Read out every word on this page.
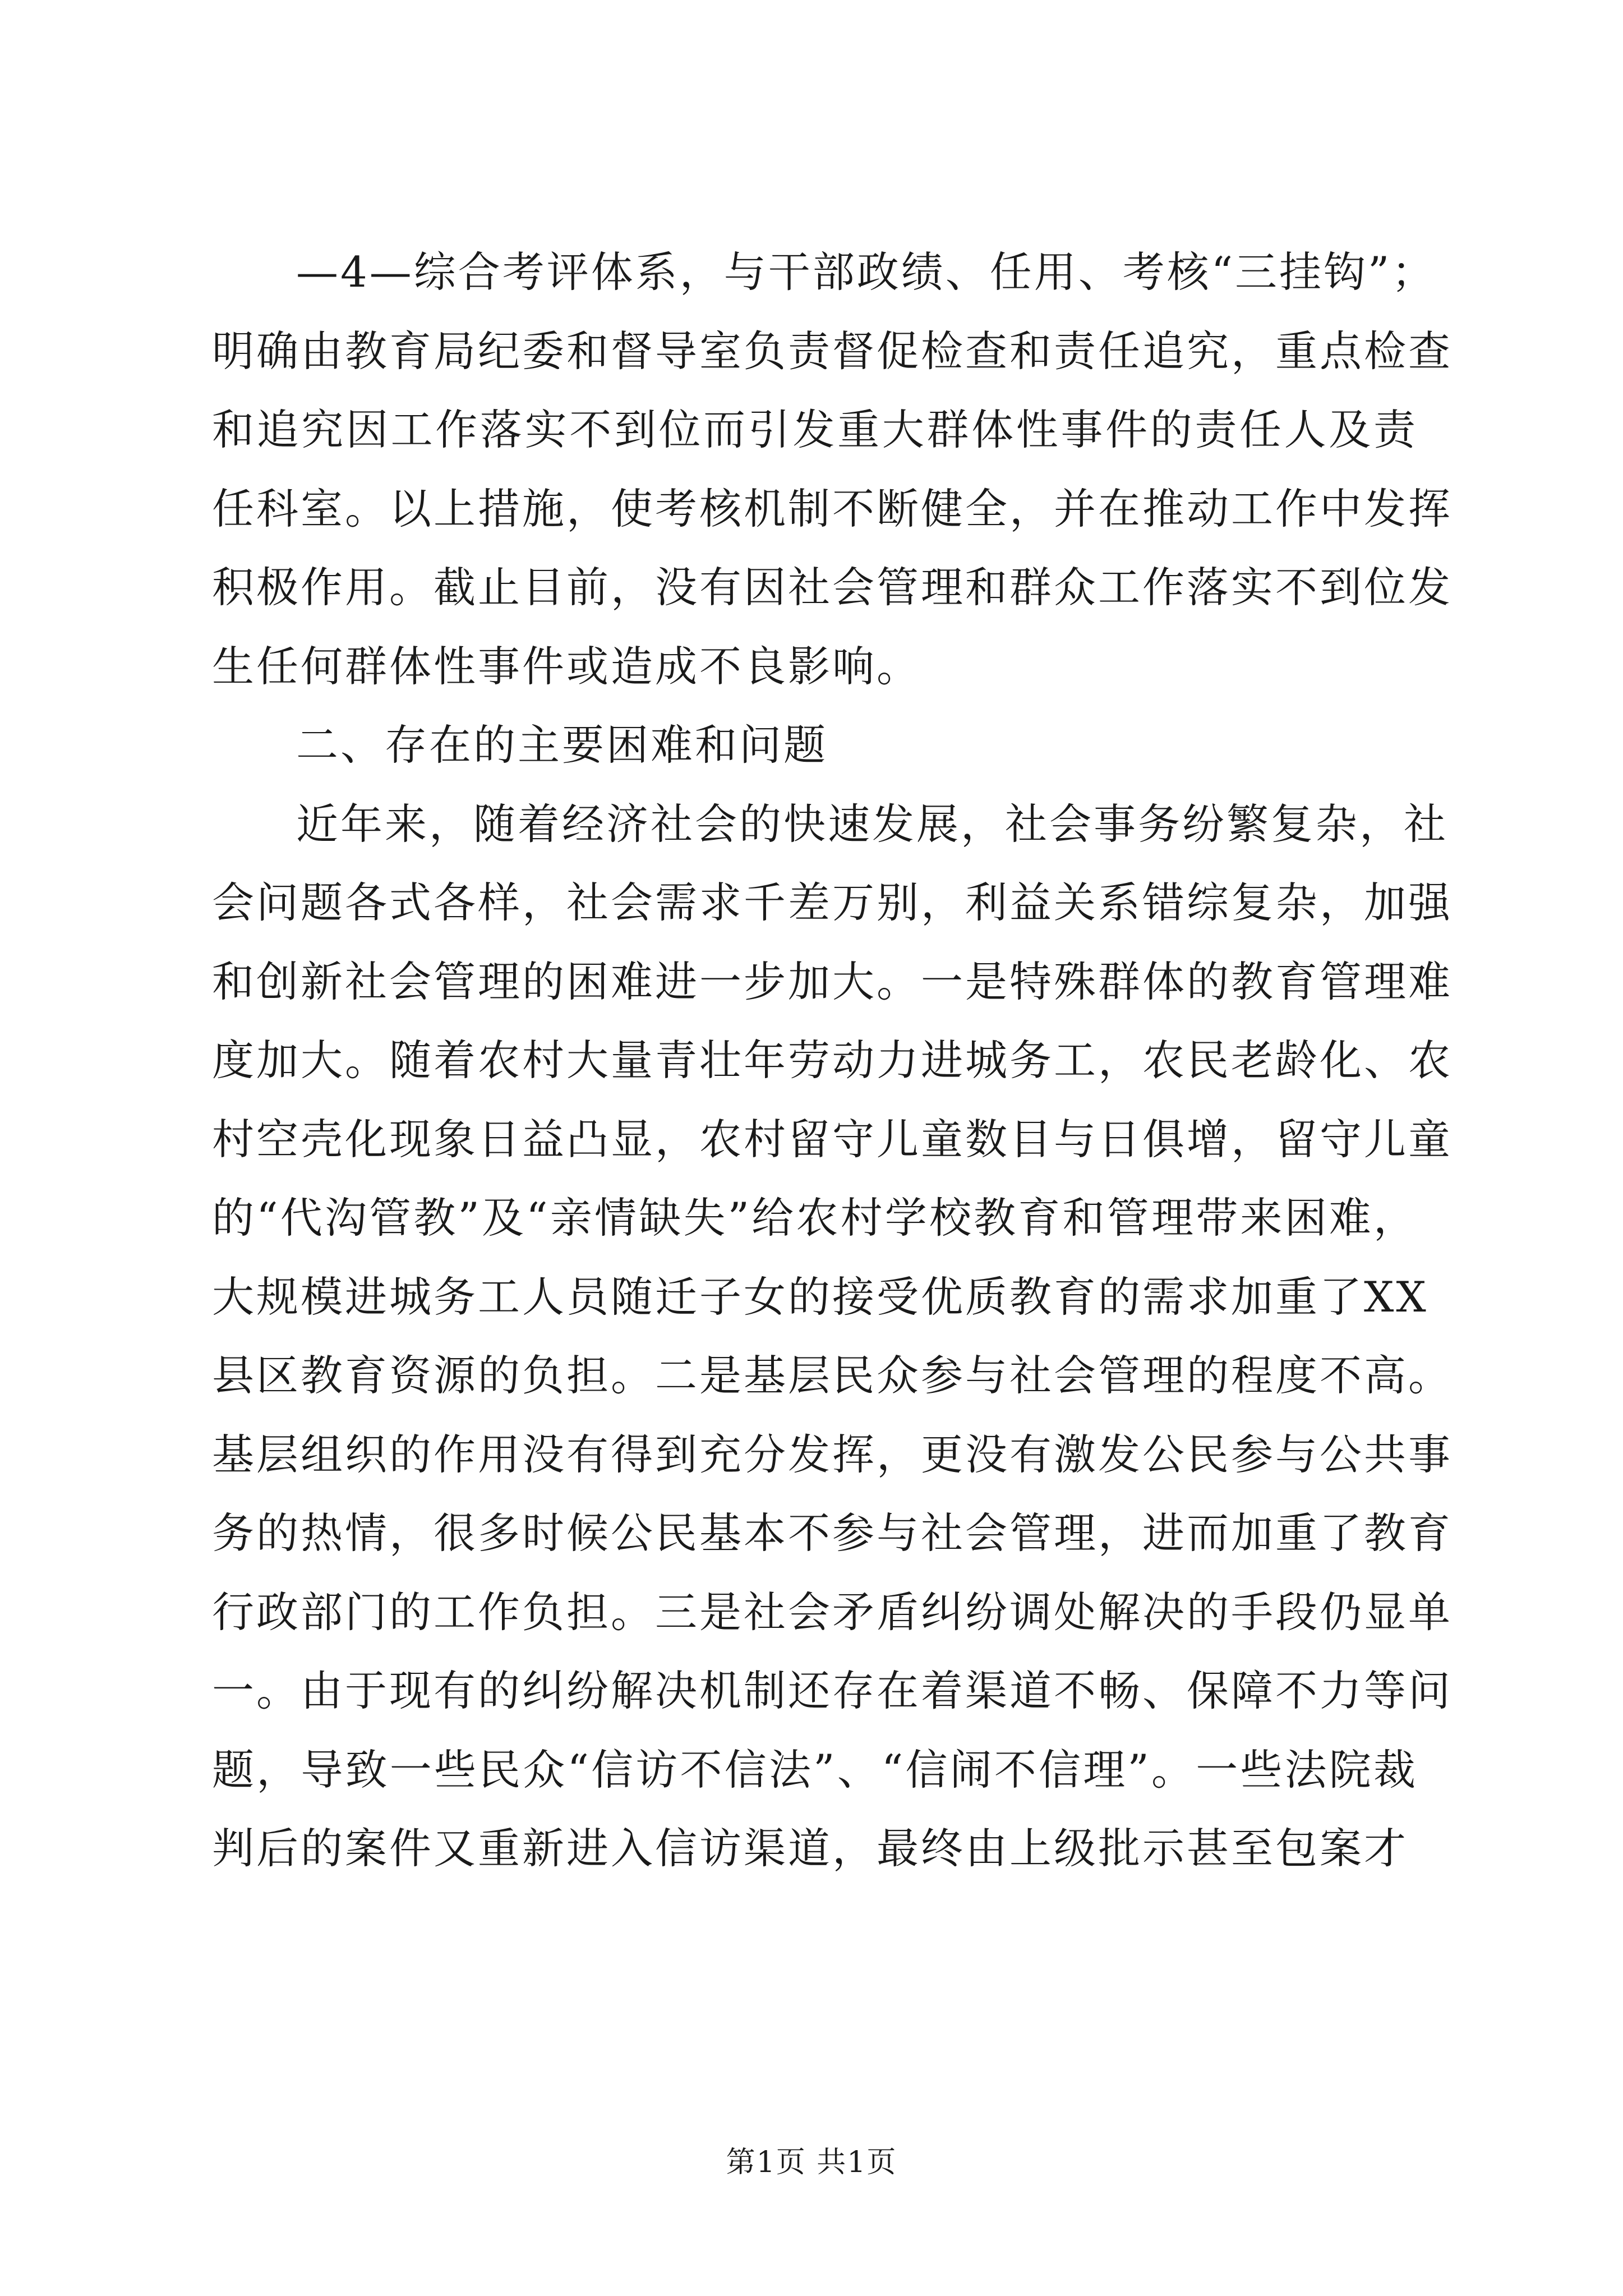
—4—综合考评体系，与干部政绩、任用、考核“三挂钩”；
明确由教育局纪委和督导室负责督促检查和责任追究，重点检查
和追究因工作落实不到位而引发重大群体性事件的责任人及责
任科室。以上措施，使考核机制不断健全，并在推动工作中发挥
积极作用。截止目前，没有因社会管理和群众工作落实不到位发
生任何群体性事件或造成不良影响。
二、存在的主要困难和问题
近年来，随着经济社会的快速发展，社会事务纷繁复杂，社
会问题各式各样，社会需求千差万别，利益关系错综复杂，加强
和创新社会管理的困难进一步加大。一是特殊群体的教育管理难
度加大。随着农村大量青壮年劳动力进城务工，农民老龄化、农
村空壳化现象日益凸显，农村留守儿童数目与日俱增，留守儿童
的“代沟管教”及“亲情缺失”给农村学校教育和管理带来困难，
大规模进城务工人员随迁子女的接受优质教育的需求加重了XX
县区教育资源的负担。二是基层民众参与社会管理的程度不高。
基层组织的作用没有得到充分发挥，更没有激发公民参与公共事
务的热情，很多时候公民基本不参与社会管理，进而加重了教育
行政部门的工作负担。三是社会矛盾纠纷调处解决的手段仍显单
一。由于现有的纠纷解决机制还存在着渠道不畅、保障不力等问
题，导致一些民众“信访不信法”、“信闹不信理”。一些法院裁
判后的案件又重新进入信访渠道，最终由上级批示甚至包案才
第1页 共1页
